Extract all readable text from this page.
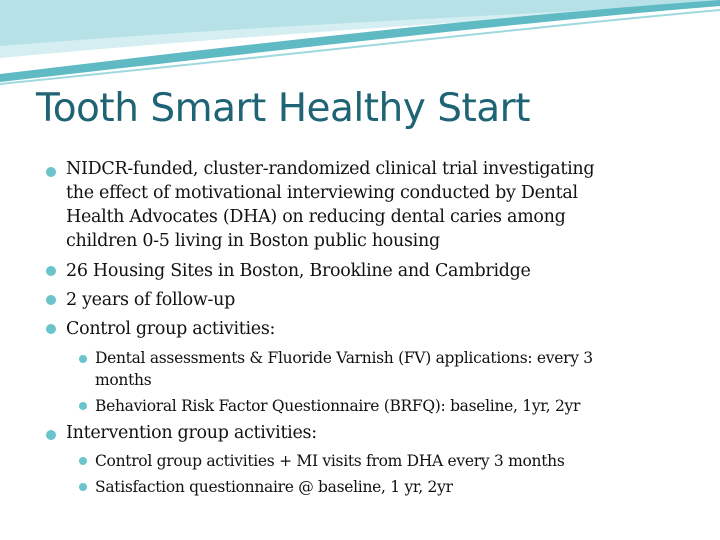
Tooth Smart Healthy Start

NIDCR-funded, cluster-randomized clinical trial investigating
the effect of motivational interviewing conducted by Dental
Health Advocates (DHA) on reducing dental caries among
children 0-5 living in Boston public housing

26 Housing Sites in Boston, Brookline and Cambridge

2 years of follow-up

Control group activities:

Dental assessments & Fluoride Varnish (FV) applications: every 3
months

Behavioral Risk Factor Questionnaire (BRFQ): baseline, 1yr, 2yr

Intervention group activities:

Control group activities + MI visits from DHA every 3 months

Satisfaction questionnaire @ baseline, 1 yr, 2yr
